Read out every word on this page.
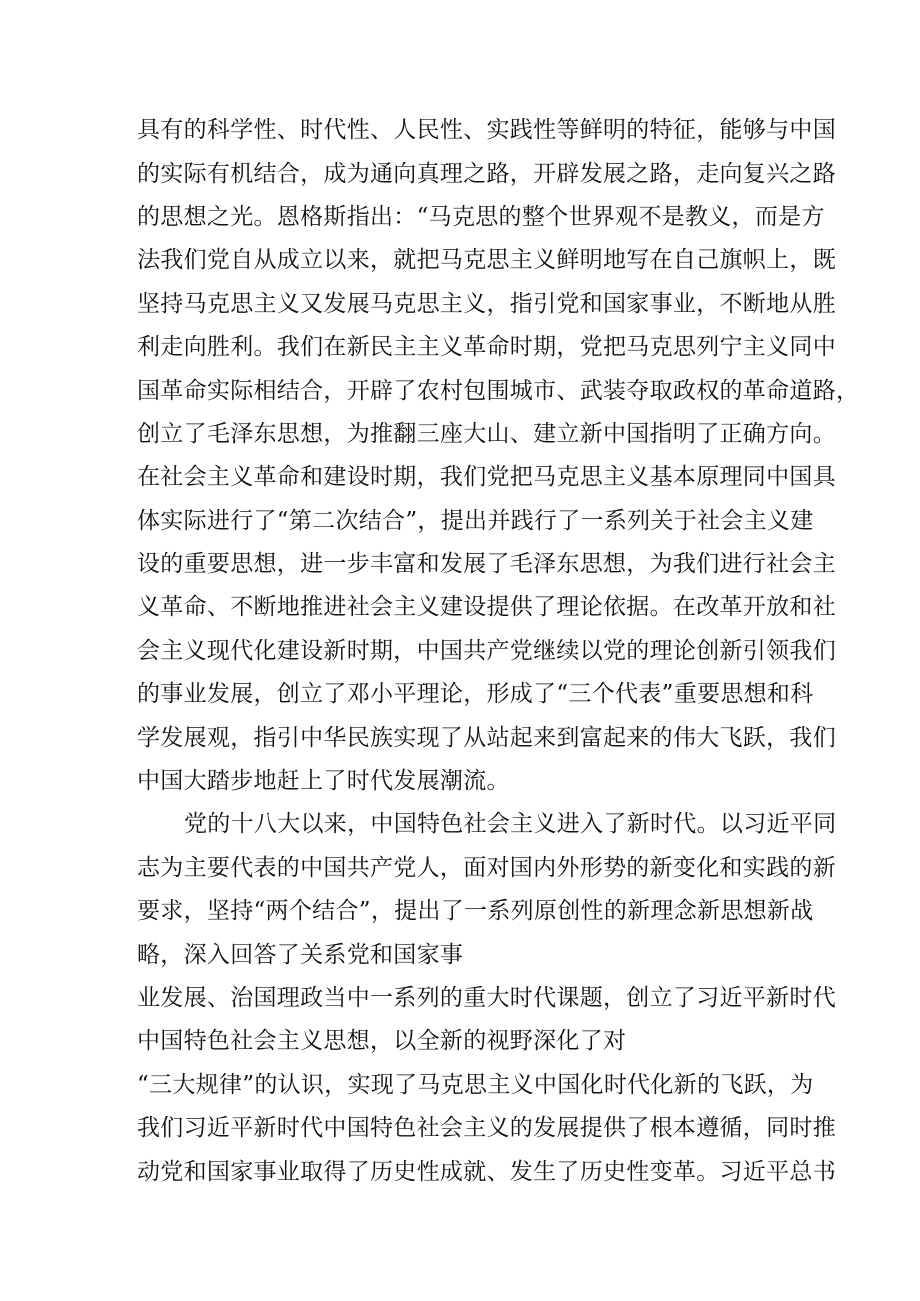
具有的科学性、时代性、人民性、实践性等鲜明的特征，能够与中国

的实际有机结合，成为通向真理之路，开辟发展之路，走向复兴之路

的思想之光。恩格斯指出：“马克思的整个世界观不是教义，而是方

法我们党自从成立以来，就把马克思主义鲜明地写在自己旗帜上，既

坚持马克思主义又发展马克思主义，指引党和国家事业，不断地从胜

利走向胜利。我们在新民主主义革命时期，党把马克思列宁主义同中

国革命实际相结合，开辟了农村包围城市、武装夺取政权的革命道路，

创立了毛泽东思想，为推翻三座大山、建立新中国指明了正确方向。

在社会主义革命和建设时期，我们党把马克思主义基本原理同中国具

体实际进行了“第二次结合”，提出并践行了一系列关于社会主义建

设的重要思想，进一步丰富和发展了毛泽东思想，为我们进行社会主

义革命、不断地推进社会主义建设提供了理论依据。在改革开放和社

会主义现代化建设新时期，中国共产党继续以党的理论创新引领我们

的事业发展，创立了邓小平理论，形成了“三个代表”重要思想和科

学发展观，指引中华民族实现了从站起来到富起来的伟大飞跃，我们

中国大踏步地赶上了时代发展潮流。

党的十八大以来，中国特色社会主义进入了新时代。以习近平同

志为主要代表的中国共产党人，面对国内外形势的新变化和实践的新

要求，坚持“两个结合”，提出了一系列原创性的新理念新思想新战

略，深入回答了关系党和国家事

业发展、治国理政当中一系列的重大时代课题，创立了习近平新时代

中国特色社会主义思想，以全新的视野深化了对

“三大规律”的认识，实现了马克思主义中国化时代化新的飞跃，为

我们习近平新时代中国特色社会主义的发展提供了根本遵循，同时推

动党和国家事业取得了历史性成就、发生了历史性变革。习近平总书
